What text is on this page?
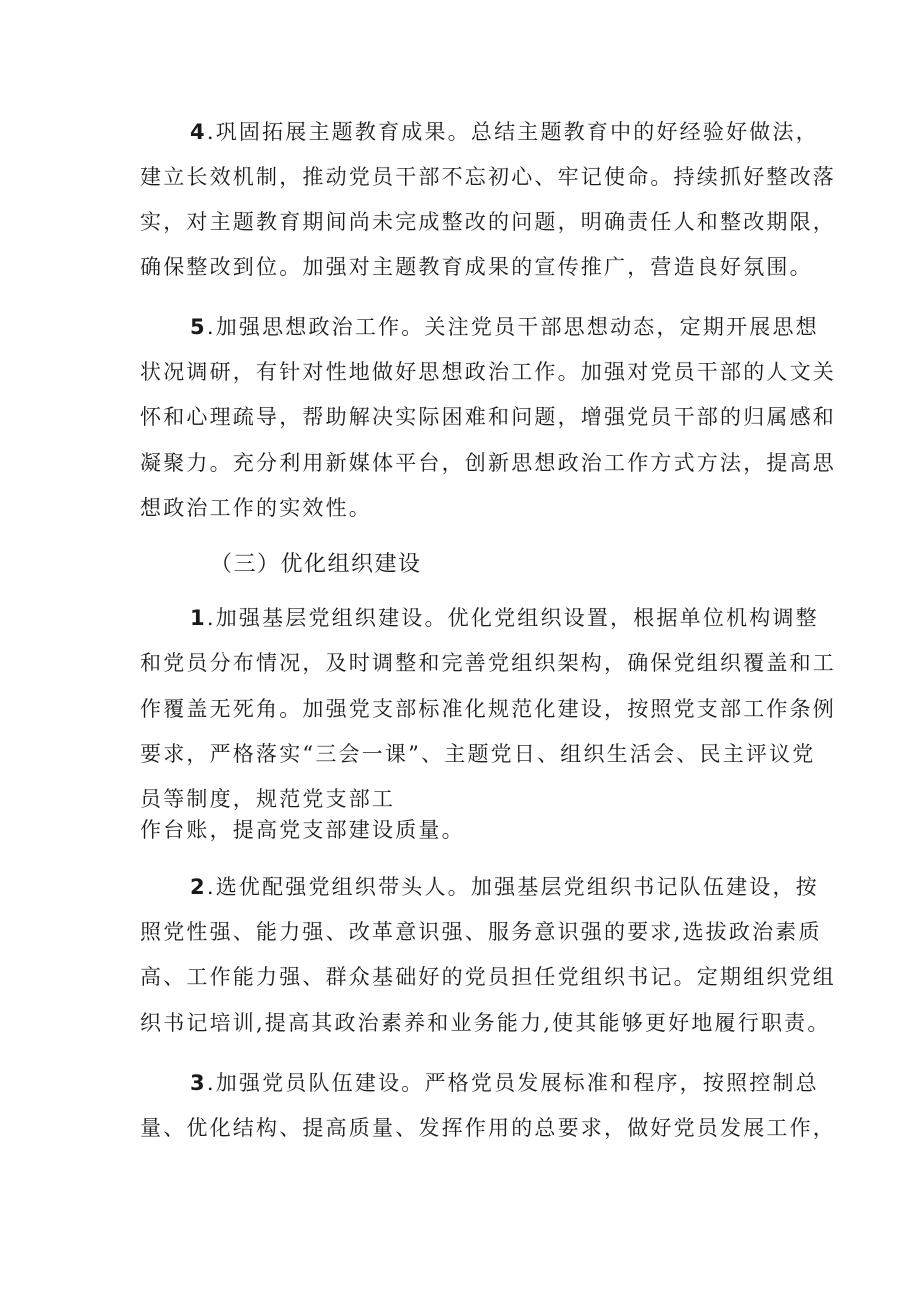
4.巩固拓展主题教育成果。总结主题教育中的好经验好做法，
建立长效机制，推动党员干部不忘初心、牢记使命。持续抓好整改落
实，对主题教育期间尚未完成整改的问题，明确责任人和整改期限，
确保整改到位。加强对主题教育成果的宣传推广，营造良好氛围。
5.加强思想政治工作。关注党员干部思想动态，定期开展思想
状况调研，有针对性地做好思想政治工作。加强对党员干部的人文关
怀和心理疏导，帮助解决实际困难和问题，增强党员干部的归属感和
凝聚力。充分利用新媒体平台，创新思想政治工作方式方法，提高思
想政治工作的实效性。
（三）优化组织建设
1.加强基层党组织建设。优化党组织设置，根据单位机构调整
和党员分布情况，及时调整和完善党组织架构，确保党组织覆盖和工
作覆盖无死角。加强党支部标准化规范化建设，按照党支部工作条例
要求，严格落实“三会一课”、主题党日、组织生活会、民主评议党
员等制度，规范党支部工
作台账，提高党支部建设质量。
2.选优配强党组织带头人。加强基层党组织书记队伍建设，按
照党性强、能力强、改革意识强、服务意识强的要求,选拔政治素质
高、工作能力强、群众基础好的党员担任党组织书记。定期组织党组
织书记培训,提高其政治素养和业务能力,使其能够更好地履行职责。
3.加强党员队伍建设。严格党员发展标准和程序，按照控制总
量、优化结构、提高质量、发挥作用的总要求，做好党员发展工作，
